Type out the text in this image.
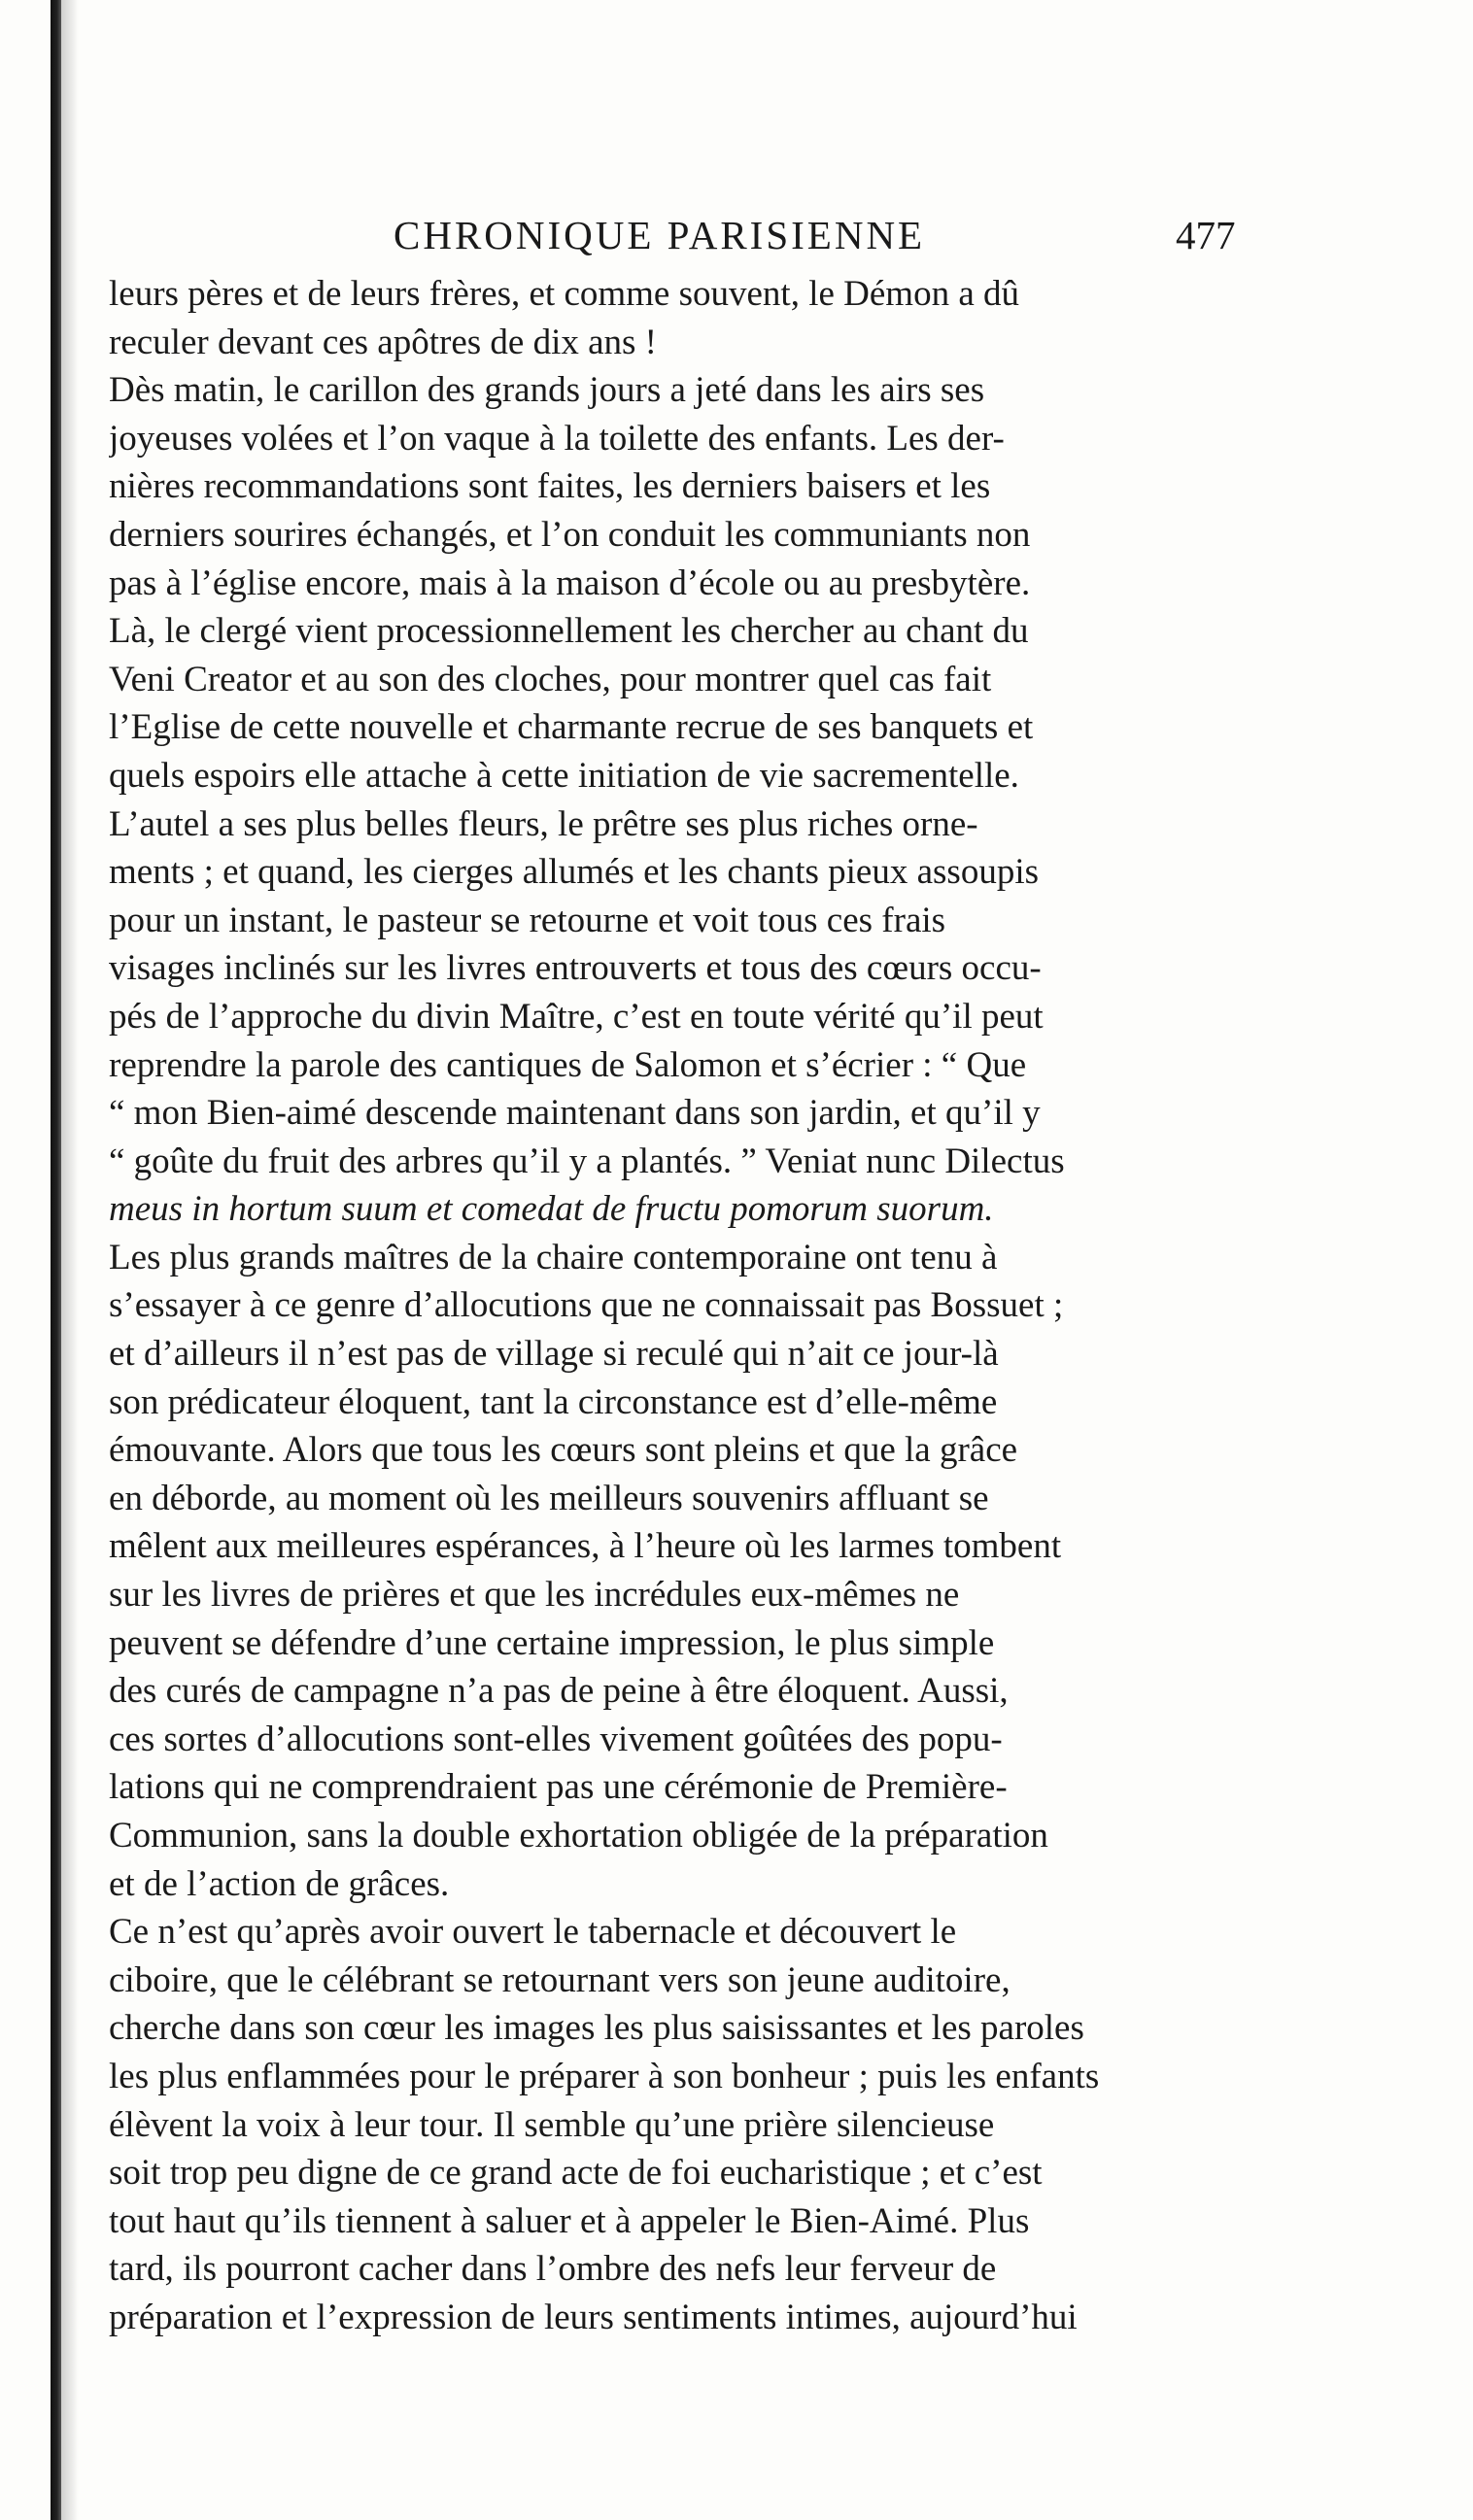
CHRONIQUE PARISIENNE	477
leurs pères et de leurs frères, et comme souvent, le Démon a dû
reculer devant ces apôtres de dix ans !
Dès matin, le carillon des grands jours a jeté dans les airs ses
joyeuses volées et l’on vaque à la toilette des enfants. Les der-
nières recommandations sont faites, les derniers baisers et les
derniers sourires échangés, et l’on conduit les communiants non
pas à l’église encore, mais à la maison d’école ou au presbytère.
Là, le clergé vient processionnellement les chercher au chant du
Veni Creator et au son des cloches, pour montrer quel cas fait
l’Eglise de cette nouvelle et charmante recrue de ses banquets et
quels espoirs elle attache à cette initiation de vie sacrementelle.
L’autel a ses plus belles fleurs, le prêtre ses plus riches orne-
ments ; et quand, les cierges allumés et les chants pieux assoupis
pour un instant, le pasteur se retourne et voit tous ces frais
visages inclinés sur les livres entrouverts et tous des cœurs occu-
pés de l’approche du divin Maître, c’est en toute vérité qu’il peut
reprendre la parole des cantiques de Salomon et s’écrier : “ Que
“ mon Bien-aimé descende maintenant dans son jardin, et qu’il y
“ goûte du fruit des arbres qu’il y a plantés. ” Veniat nunc Dilectus
meus in hortum suum et comedat de fructu pomorum suorum.
Les plus grands maîtres de la chaire contemporaine ont tenu à
s’essayer à ce genre d’allocutions que ne connaissait pas Bossuet ;
et d’ailleurs il n’est pas de village si reculé qui n’ait ce jour-là
son prédicateur éloquent, tant la circonstance est d’elle-même
émouvante. Alors que tous les cœurs sont pleins et que la grâce
en déborde, au moment où les meilleurs souvenirs affluant se
mêlent aux meilleures espérances, à l’heure où les larmes tombent
sur les livres de prières et que les incrédules eux-mêmes ne
peuvent se défendre d’une certaine impression, le plus simple
des curés de campagne n’a pas de peine à être éloquent. Aussi,
ces sortes d’allocutions sont-elles vivement goûtées des popu-
lations qui ne comprendraient pas une cérémonie de Première-
Communion, sans la double exhortation obligée de la préparation
et de l’action de grâces.
Ce n’est qu’après avoir ouvert le tabernacle et découvert le
ciboire, que le célébrant se retournant vers son jeune auditoire,
cherche dans son cœur les images les plus saisissantes et les paroles
les plus enflammées pour le préparer à son bonheur ; puis les enfants
élèvent la voix à leur tour. Il semble qu’une prière silencieuse
soit trop peu digne de ce grand acte de foi eucharistique ; et c’est
tout haut qu’ils tiennent à saluer et à appeler le Bien-Aimé. Plus
tard, ils pourront cacher dans l’ombre des nefs leur ferveur de
préparation et l’expression de leurs sentiments intimes, aujourd’hui
